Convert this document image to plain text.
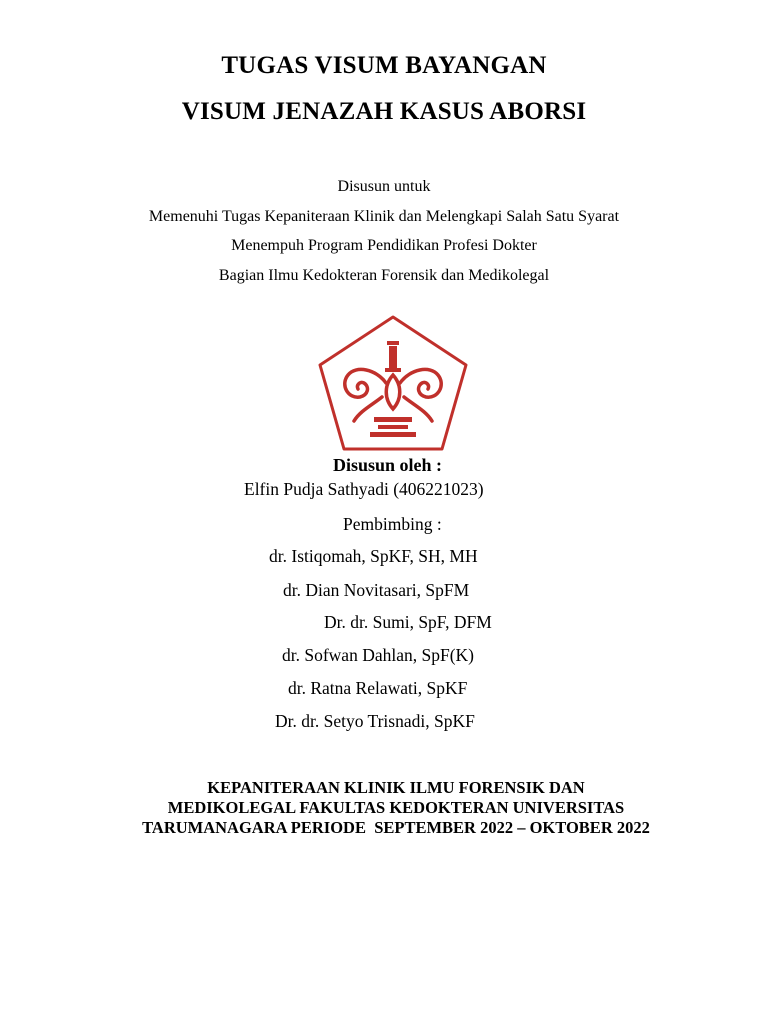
TUGAS VISUM BAYANGAN
VISUM JENAZAH KASUS ABORSI
Disusun untuk
Memenuhi Tugas Kepaniteraan Klinik dan Melengkapi Salah Satu Syarat
Menempuh Program Pendidikan Profesi Dokter
Bagian Ilmu Kedokteran Forensik dan Medikolegal
Disusun oleh :
Elfin Pudja Sathyadi (406221023)
Pembimbing :
dr. Istiqomah, SpKF, SH, MH
dr. Dian Novitasari, SpFM
Dr. dr. Sumi, SpF, DFM
dr. Sofwan Dahlan, SpF(K)
dr. Ratna Relawati, SpKF
Dr. dr. Setyo Trisnadi, SpKF
KEPANITERAAN KLINIK ILMU FORENSIK DAN
MEDIKOLEGAL FAKULTAS KEDOKTERAN UNIVERSITAS
TARUMANAGARA PERIODE  SEPTEMBER 2022 – OKTOBER 2022
